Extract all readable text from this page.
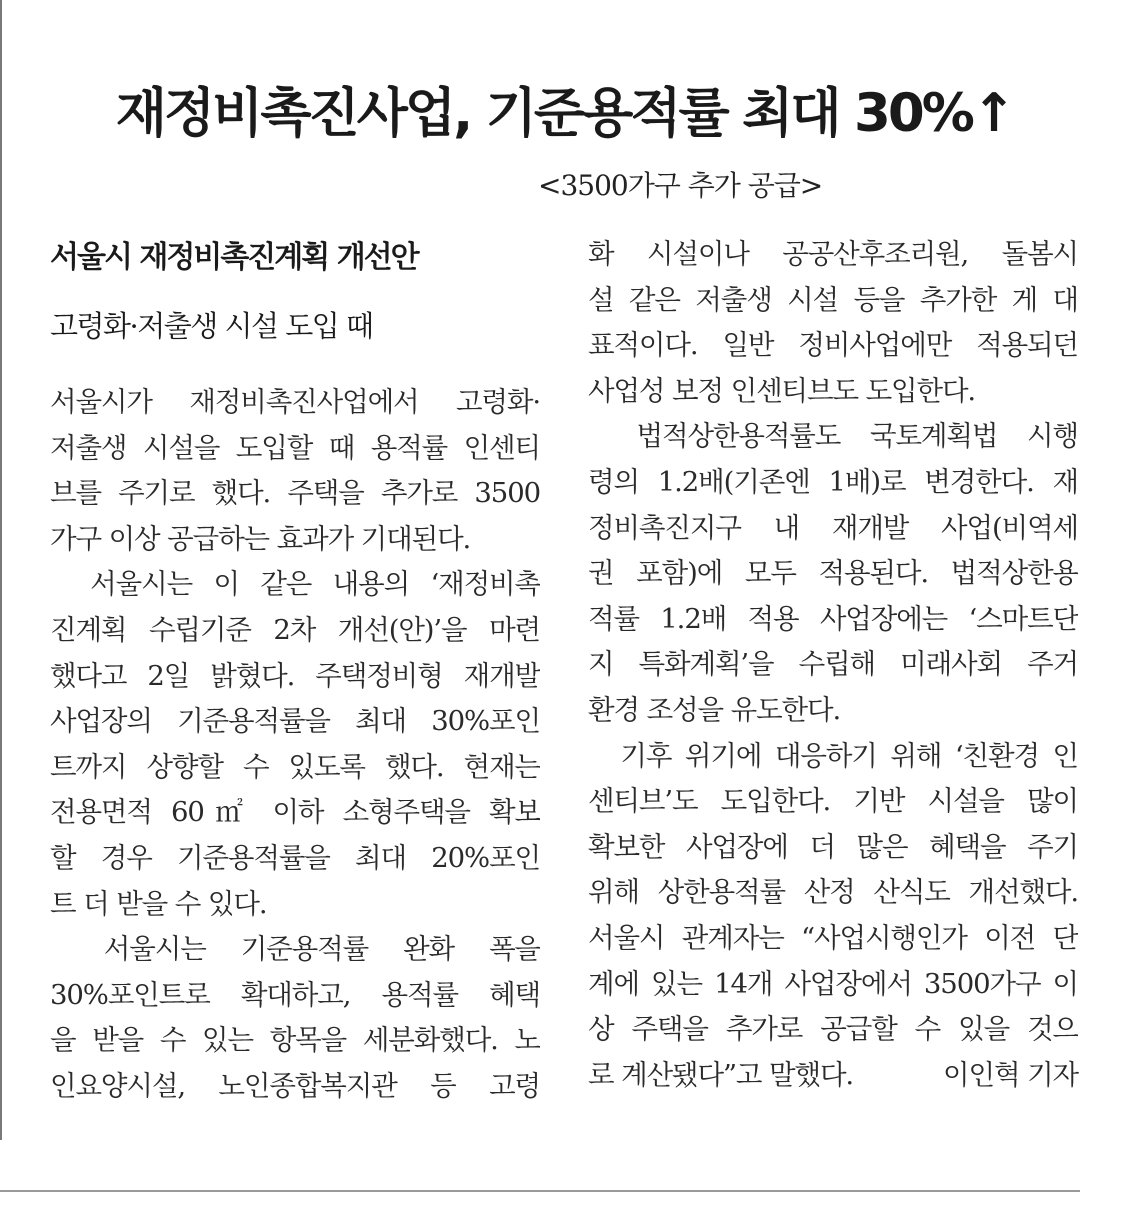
재정비촉진사업, 기준용적률 최대 30%↑
<3500가구 추가 공급>
서울시 재정비촉진계획 개선안
고령화·저출생 시설 도입 때
서울시가 재정비촉진사업에서 고령화·
저출생 시설을 도입할 때 용적률 인센티
브를 주기로 했다. 주택을 추가로 3500
가구 이상 공급하는 효과가 기대된다.
　서울시는 이 같은 내용의 ‘재정비촉
진계획 수립기준 2차 개선(안)’을 마련
했다고 2일 밝혔다. 주택정비형 재개발
사업장의 기준용적률을 최대 30%포인
트까지 상향할 수 있도록 했다. 현재는
전용면적 60㎡ 이하 소형주택을 확보
할 경우 기준용적률을 최대 20%포인
트 더 받을 수 있다.
　서울시는 기준용적률 완화 폭을
30%포인트로 확대하고, 용적률 혜택
을 받을 수 있는 항목을 세분화했다. 노
인요양시설, 노인종합복지관 등 고령
화 시설이나 공공산후조리원, 돌봄시
설 같은 저출생 시설 등을 추가한 게 대
표적이다. 일반 정비사업에만 적용되던
사업성 보정 인센티브도 도입한다.
　법적상한용적률도 국토계획법 시행
령의 1.2배(기존엔 1배)로 변경한다. 재
정비촉진지구 내 재개발 사업(비역세
권 포함)에 모두 적용된다. 법적상한용
적률 1.2배 적용 사업장에는 ‘스마트단
지 특화계획’을 수립해 미래사회 주거
환경 조성을 유도한다.
　기후 위기에 대응하기 위해 ‘친환경 인
센티브’도 도입한다. 기반 시설을 많이
확보한 사업장에 더 많은 혜택을 주기
위해 상한용적률 산정 산식도 개선했다.
서울시 관계자는 “사업시행인가 이전 단
계에 있는 14개 사업장에서 3500가구 이
상 주택을 추가로 공급할 수 있을 것으
로 계산됐다”고 말했다.	이인혁 기자
